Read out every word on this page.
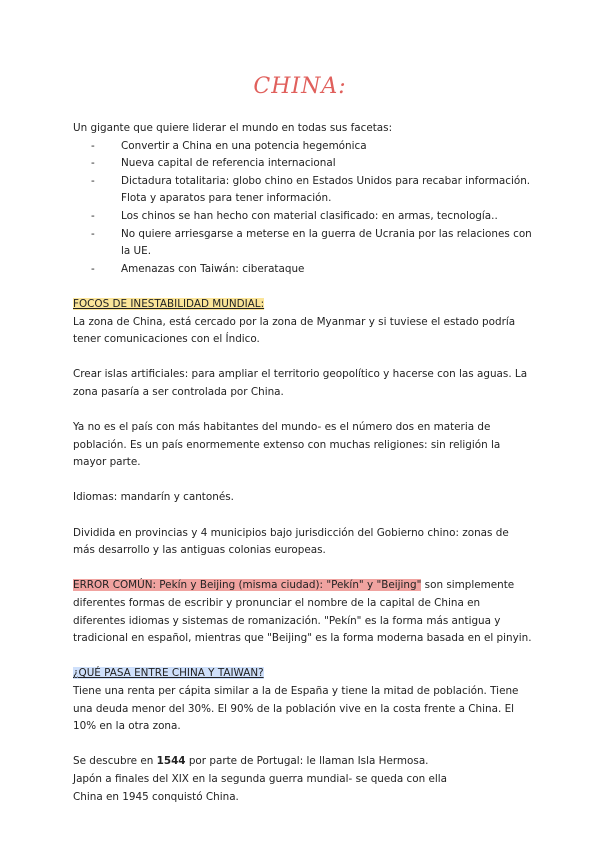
CHINA:

Un gigante que quiere liderar el mundo en todas sus facetas:

- Convertir a China en una potencia hegemónica
- Nueva capital de referencia internacional
- Dictadura totalitaria: globo chino en Estados Unidos para recabar información. Flota y aparatos para tener información.
- Los chinos se han hecho con material clasificado: en armas, tecnología..
- No quiere arriesgarse a meterse en la guerra de Ucrania por las relaciones con la UE.
- Amenazas con Taiwán: ciberataque

FOCOS DE INESTABILIDAD MUNDIAL:

La zona de China, está cercado por la zona de Myanmar y si tuviese el estado podría tener comunicaciones con el Índico.

Crear islas artificiales: para ampliar el territorio geopolítico y hacerse con las aguas. La zona pasaría a ser controlada por China.

Ya no es el país con más habitantes del mundo- es el número dos en materia de población. Es un país enormemente extenso con muchas religiones: sin religión la mayor parte.

Idiomas: mandarín y cantonés.

Dividida en provincias y 4 municipios bajo jurisdicción del Gobierno chino: zonas de más desarrollo y las antiguas colonias europeas.

ERROR COMÚN: Pekín y Beijing (misma ciudad): "Pekín" y "Beijing" son simplemente diferentes formas de escribir y pronunciar el nombre de la capital de China en diferentes idiomas y sistemas de romanización. "Pekín" es la forma más antigua y tradicional en español, mientras que "Beijing" es la forma moderna basada en el pinyin.

¿QUÉ PASA ENTRE CHINA Y TAIWAN?

Tiene una renta per cápita similar a la de España y tiene la mitad de población. Tiene una deuda menor del 30%. El 90% de la población vive en la costa frente a China. El 10% en la otra zona.

Se descubre en 1544 por parte de Portugal: le llaman Isla Hermosa.

Japón a finales del XIX en la segunda guerra mundial- se queda con ella

China en 1945 conquistó China.
